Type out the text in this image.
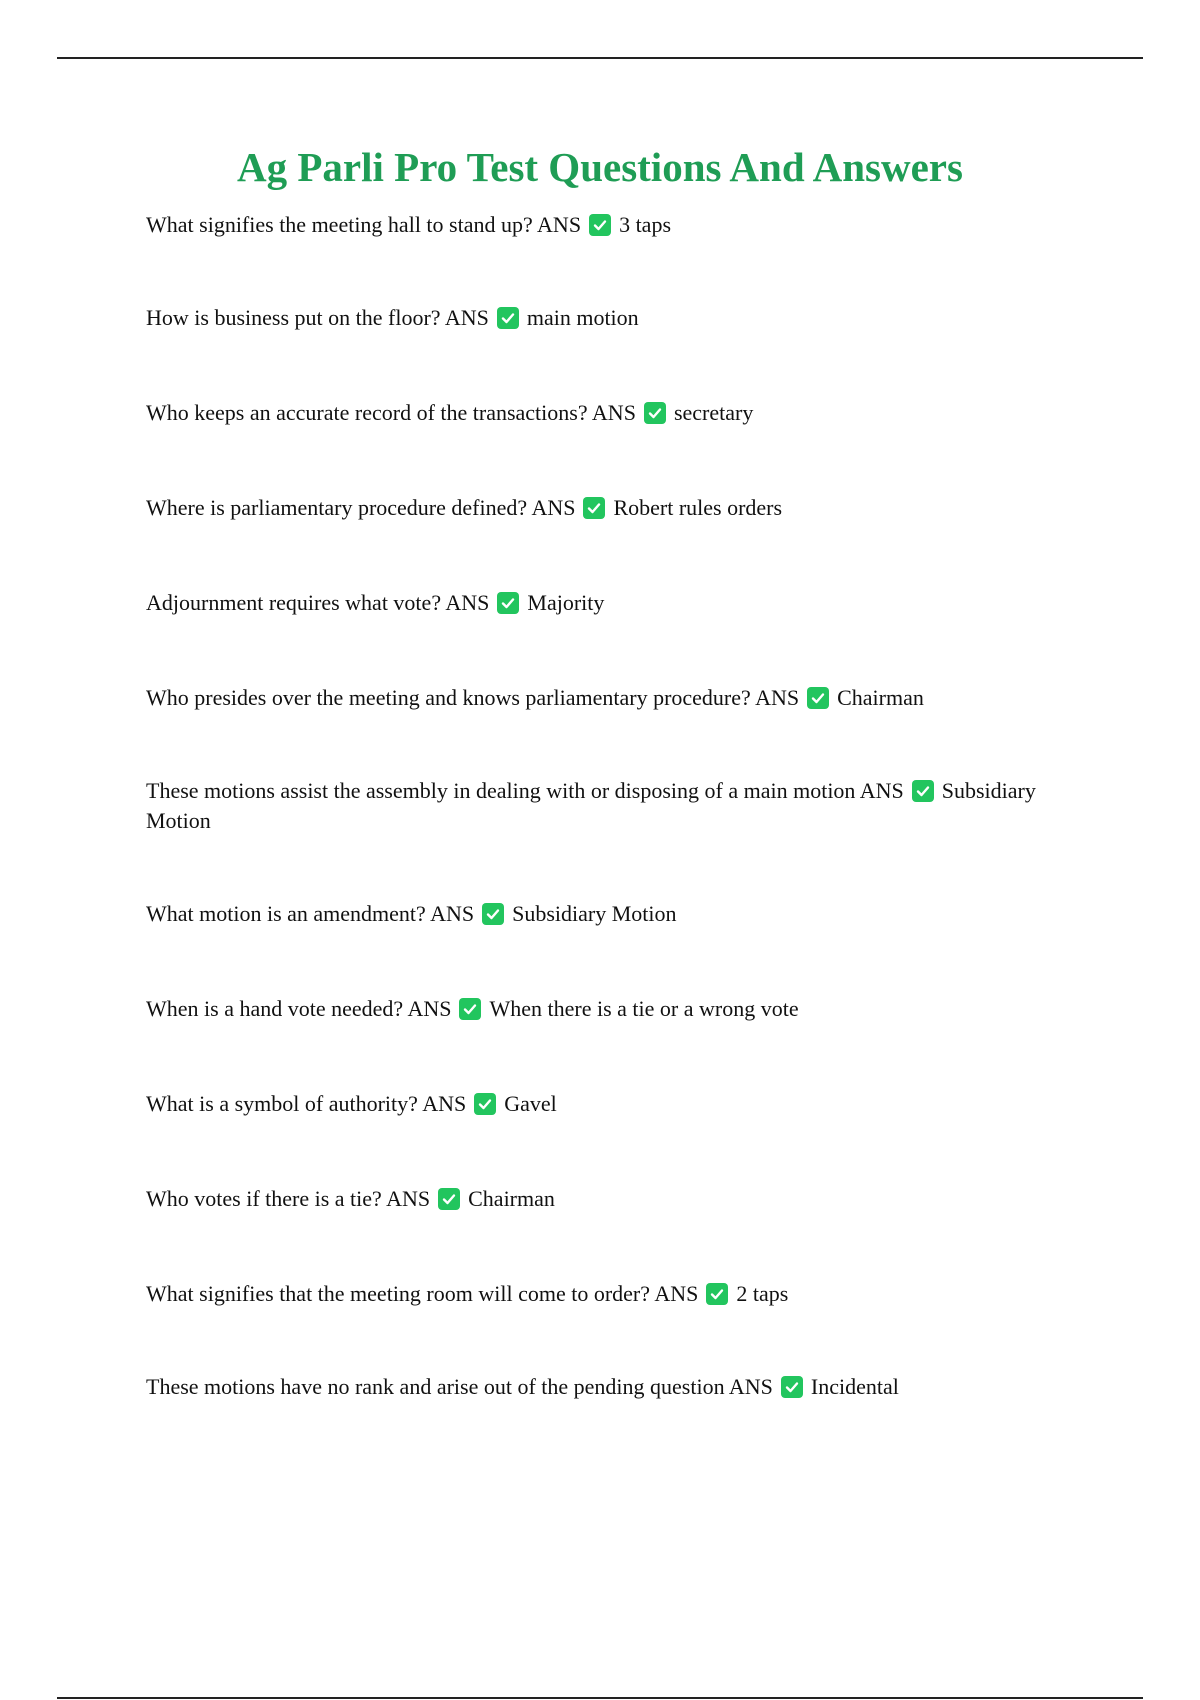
Ag Parli Pro Test Questions And Answers
What signifies the meeting hall to stand up? ANS 3 taps
How is business put on the floor? ANS main motion
Who keeps an accurate record of the transactions? ANS secretary
Where is parliamentary procedure defined? ANS Robert rules orders
Adjournment requires what vote? ANS Majority
Who presides over the meeting and knows parliamentary procedure? ANS Chairman
These motions assist the assembly in dealing with or disposing of a main motion ANS Subsidiary Motion
What motion is an amendment? ANS Subsidiary Motion
When is a hand vote needed? ANS When there is a tie or a wrong vote
What is a symbol of authority? ANS Gavel
Who votes if there is a tie? ANS Chairman
What signifies that the meeting room will come to order? ANS 2 taps
These motions have no rank and arise out of the pending question ANS Incidental
